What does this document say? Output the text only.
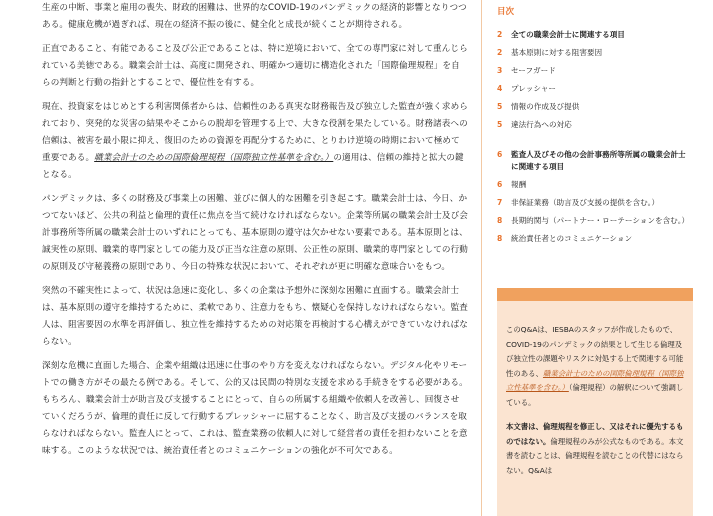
生産の中断、事業と雇用の喪失、財政的困難は、世界的なCOVID-19のパンデミックの経済的影響となりつつある。健康危機が過ぎれば、現在の経済不振の後に、健全化と成長が続くことが期待される。

正直であること、有能であること及び公正であることは、特に逆境において、全ての専門家に対して重んじられている美徳である。職業会計士は、高度に開発され、明確かつ適切に構造化された「国際倫理規程」を自らの判断と行動の指針とすることで、優位性を有する。

現在、投資家をはじめとする利害関係者からは、信頼性のある真実な財務報告及び独立した監査が強く求められており、突発的な災害の結果やそこからの脱却を管理する上で、大きな役割を果たしている。財務諸表への信頼は、被害を最小限に抑え、復旧のための資源を再配分するために、とりわけ逆境の時期において極めて重要である。職業会計士のための国際倫理規程（国際独立性基準を含む。）の適用は、信頼の維持と拡大の鍵となる。

パンデミックは、多くの財務及び事業上の困難、並びに個人的な困難を引き起こす。職業会計士は、今日、かつてないほど、公共の利益と倫理的責任に焦点を当て続けなければならない。企業等所属の職業会計士及び会計事務所等所属の職業会計士のいずれにとっても、基本原則の遵守は欠かせない要素である。基本原則とは、誠実性の原則、職業的専門家としての能力及び正当な注意の原則、公正性の原則、職業的専門家としての行動の原則及び守秘義務の原則であり、今日の特殊な状況において、それぞれが更に明確な意味合いをもつ。

突然の不確実性によって、状況は急速に変化し、多くの企業は予想外に深刻な困難に直面する。職業会計士は、基本原則の遵守を維持するために、柔軟であり、注意力をもち、懐疑心を保持しなければならない。監査人は、阻害要因の水準を再評価し、独立性を維持するための対応策を再検討する心構えができていなければならない。

深刻な危機に直面した場合、企業や組織は迅速に仕事のやり方を変えなければならない。デジタル化やリモートでの働き方がその最たる例である。そして、公的又は民間の特別な支援を求める手続きをする必要がある。もちろん、職業会計士が助言及び支援することにとって、自らの所属する組織や依頼人を改善し、回復させていくだろうが、倫理的責任に反して行動するプレッシャーに屈することなく、助言及び支援のバランスを取らなければならない。監査人にとって、これは、監査業務の依頼人に対して経営者の責任を担わないことを意味する。このような状況では、統治責任者とのコミュニケーションの強化が不可欠である。

目次
2	全ての職業会計士に関連する項目
2	基本原則に対する阻害要因
3	セーフガード
4	プレッシャー
5	情報の作成及び提供
5	違法行為への対応
6	監査人及びその他の会計事務所等所属の職業会計士に関連する項目
6	報酬
7	非保証業務（助言及び支援の提供を含む。）
8	長期的関与（パートナー・ローテーションを含む。）
8	統治責任者とのコミュニケーション

このQ&Aは、IESBAのスタッフが作成したもので、COVID-19のパンデミックの結果として生じる倫理及び独立性の課題やリスクに対処する上で関連する可能性のある、職業会計士のための国際倫理規程（国際独立性基準を含む。）（倫理規程）の解釈について強調している。

本文書は、倫理規程を修正し、又はそれに優先するものではない。倫理規程のみが公式なものである。本文書を読むことは、倫理規程を読むことの代替にはならない。Q&Aは
